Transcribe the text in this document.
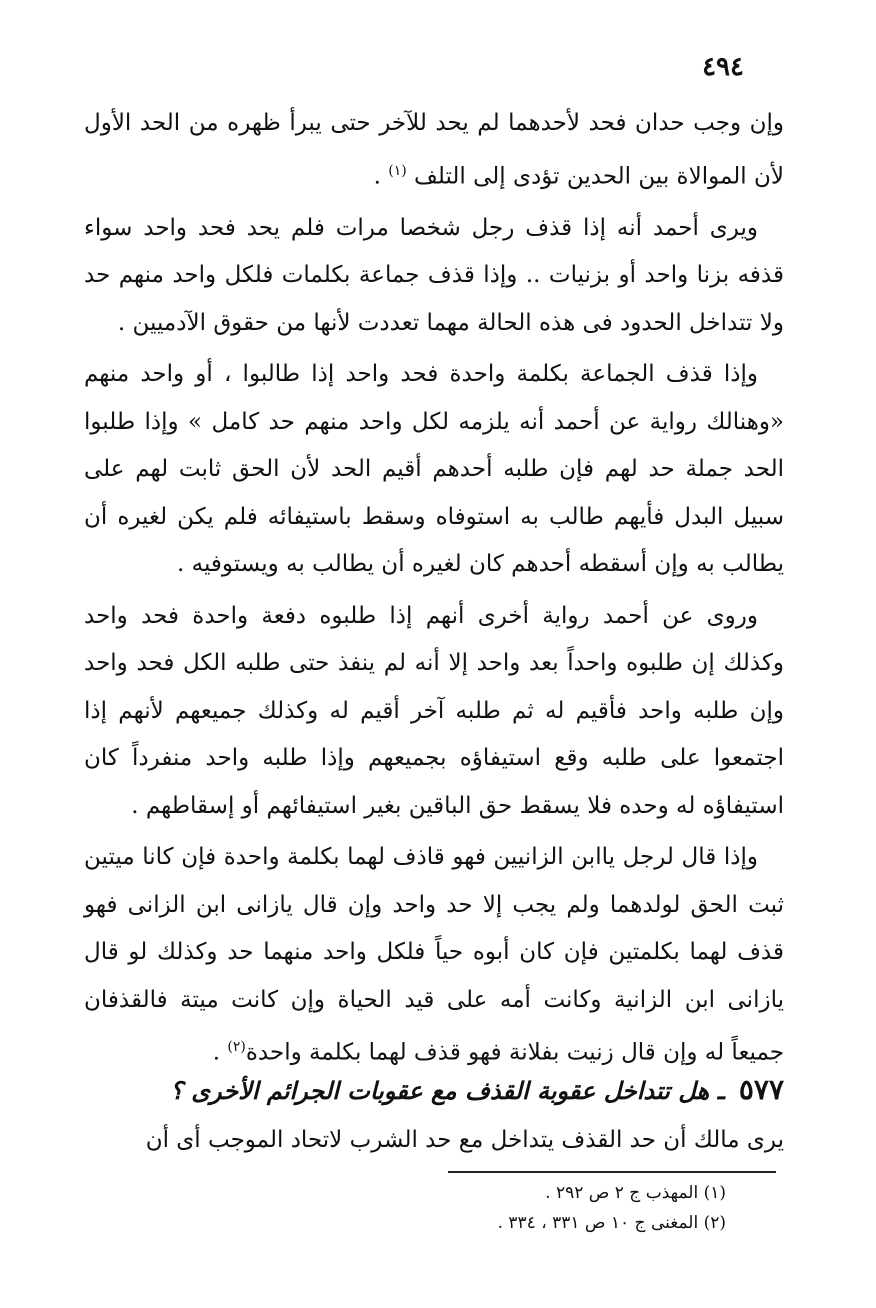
٤٩٤

وإن وجب حدان فحد لأحدهما لم يحد للآخر حتى يبرأ ظهره من الحد الأول لأن الموالاة بين الحدين تؤدى إلى التلف $^{(١)}$ .

ويرى أحمد أنه إذا قذف رجل شخصا مرات فلم يحد فحد واحد سواء قذفه بزنا واحد أو بزنيات .. وإذا قذف جماعة بكلمات فلكل واحد منهم حد ولا تتداخل الحدود فى هذه الحالة مهما تعددت لأنها من حقوق الآدميين .

وإذا قذف الجماعة بكلمة واحدة فحد واحد إذا طالبوا ، أو واحد منهم «وهنالك رواية عن أحمد أنه يلزمه لكل واحد منهم حد كامل » وإذا طلبوا الحد جملة حد لهم فإن طلبه أحدهم أقيم الحد لأن الحق ثابت لهم على سبيل البدل فأيهم طالب به استوفاه وسقط باستيفائه فلم يكن لغيره أن يطالب به وإن أسقطه أحدهم كان لغيره أن يطالب به ويستوفيه .

وروى عن أحمد رواية أخرى أنهم إذا طلبوه دفعة واحدة فحد واحد وكذلك إن طلبوه واحداً بعد واحد إلا أنه لم ينفذ حتى طلبه الكل فحد واحد وإن طلبه واحد فأقيم له ثم طلبه آخر أقيم له وكذلك جميعهم لأنهم إذا اجتمعوا على طلبه وقع استيفاؤه بجميعهم وإذا طلبه واحد منفرداً كان استيفاؤه له وحده فلا يسقط حق الباقين بغير استيفائهم أو إسقاطهم .

وإذا قال لرجل ياابن الزانيين فهو قاذف لهما بكلمة واحدة فإن كانا ميتين ثبت الحق لولدهما ولم يجب إلا حد واحد وإن قال يازانى ابن الزانى فهو قذف لهما بكلمتين فإن كان أبوه حياً فلكل واحد منهما حد وكذلك لو قال يازانى ابن الزانية وكانت أمه على قيد الحياة وإن كانت ميتة فالقذفان جميعاً له وإن قال زنيت بفلانة فهو قذف لهما بكلمة واحدة$^{(٢)}$ .

٥٧٧ ـ هل تتداخل عقوبة القذف مع عقوبات الجرائم الأخرى ؟
يرى مالك أن حد القذف يتداخل مع حد الشرب لاتحاد الموجب أى أن
(١) المهذب ج ٢ ص ٢٩٢ .
(٢) المغنى ج ١٠ ص ٣٣١ ، ٣٣٤ .
